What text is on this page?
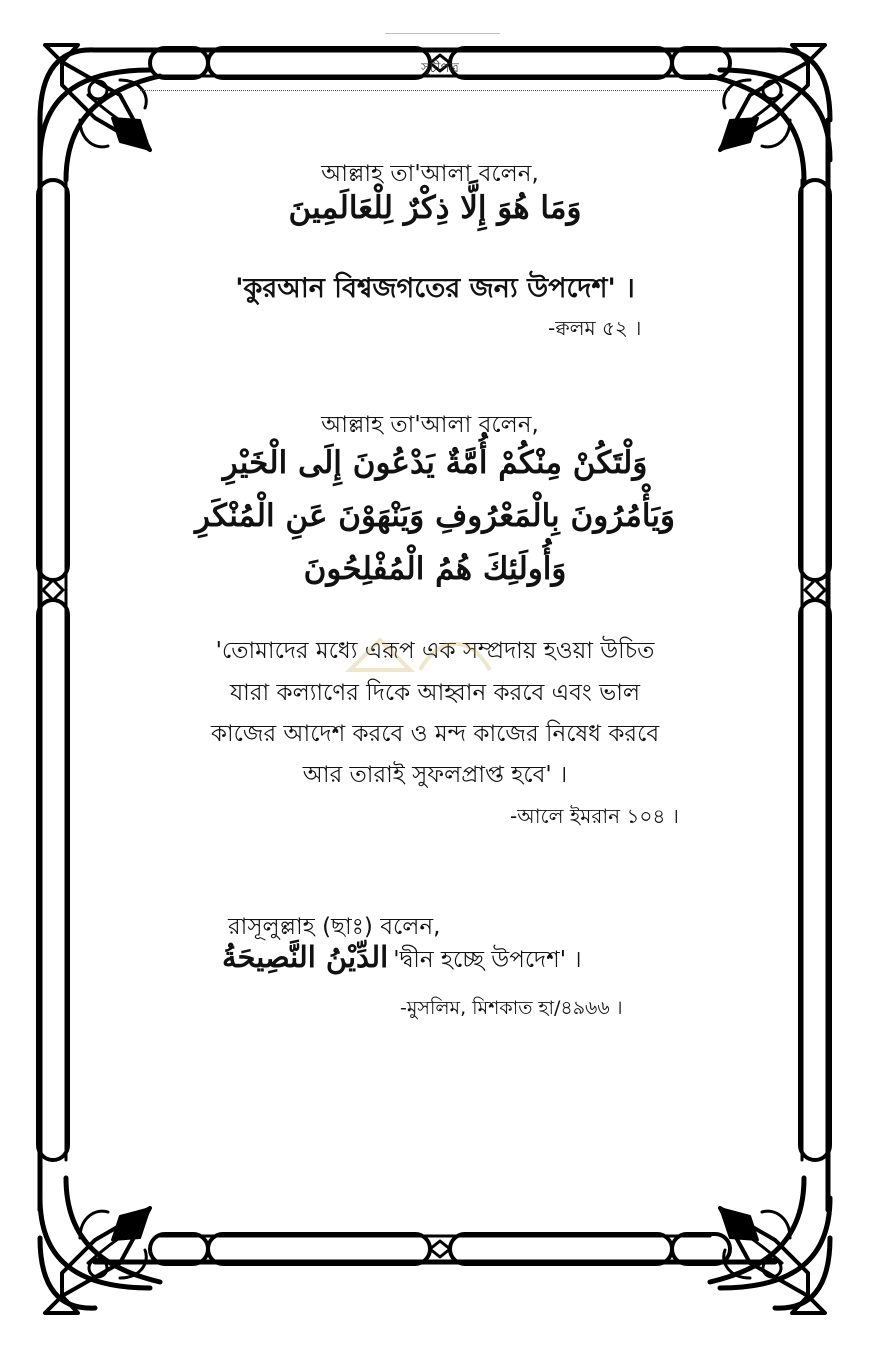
সূচীপত্র
আল্লাহ তা'আলা বলেন,
وَمَا هُوَ إِلَّا ذِكْرٌ لِلْعَالَمِينَ
'কুরআন বিশ্বজগতের জন্য উপদেশ' ।
-ক্বলম ৫২ ।
আল্লাহ তা'আলা বলেন,
وَلْتَكُنْ مِنْكُمْ أُمَّةٌ يَدْعُونَ إِلَى الْخَيْرِ
وَيَأْمُرُونَ بِالْمَعْرُوفِ وَيَنْهَوْنَ عَنِ الْمُنْكَرِ
وَأُولَئِكَ هُمُ الْمُفْلِحُونَ
'তোমাদের মধ্যে এরূপ এক সম্প্রদায় হওয়া উচিত
যারা কল্যাণের দিকে আহ্বান করবে এবং ভাল
কাজের আদেশ করবে ও মন্দ কাজের নিষেধ করবে
আর তারাই সুফলপ্রাপ্ত হবে' ।
-আলে ইমরান ১০৪ ।
রাসূলুল্লাহ (ছাঃ) বলেন,
الدِّيْنُ النَّصِيحَةُ 'দ্বীন হচ্ছে উপদেশ' ।
-মুসলিম, মিশকাত হা/৪৯৬৬ ।
